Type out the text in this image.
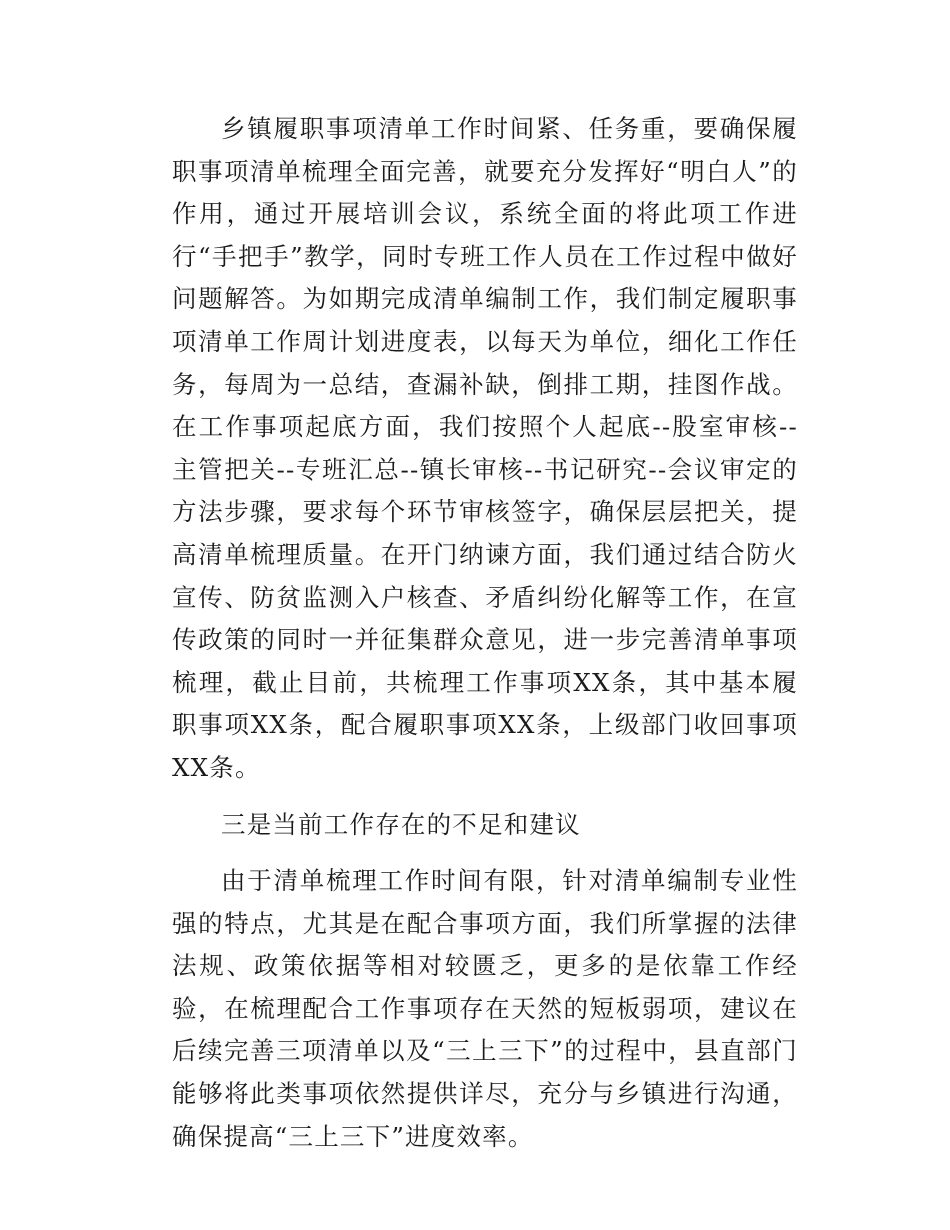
乡镇履职事项清单工作时间紧、任务重，要确保履职事项清单梳理全面完善，就要充分发挥好“明白人”的作用，通过开展培训会议，系统全面的将此项工作进行“手把手”教学，同时专班工作人员在工作过程中做好问题解答。为如期完成清单编制工作，我们制定履职事项清单工作周计划进度表，以每天为单位，细化工作任务，每周为一总结，查漏补缺，倒排工期，挂图作战。在工作事项起底方面，我们按照个人起底--股室审核--主管把关--专班汇总--镇长审核--书记研究--会议审定的方法步骤，要求每个环节审核签字，确保层层把关，提高清单梳理质量。在开门纳谏方面，我们通过结合防火宣传、防贫监测入户核查、矛盾纠纷化解等工作，在宣传政策的同时一并征集群众意见，进一步完善清单事项梳理，截止目前，共梳理工作事项XX条，其中基本履职事项XX条，配合履职事项XX条，上级部门收回事项XX条。

三是当前工作存在的不足和建议

由于清单梳理工作时间有限，针对清单编制专业性强的特点，尤其是在配合事项方面，我们所掌握的法律法规、政策依据等相对较匮乏，更多的是依靠工作经验，在梳理配合工作事项存在天然的短板弱项，建议在后续完善三项清单以及“三上三下”的过程中，县直部门能够将此类事项依然提供详尽，充分与乡镇进行沟通，确保提高“三上三下”进度效率。
